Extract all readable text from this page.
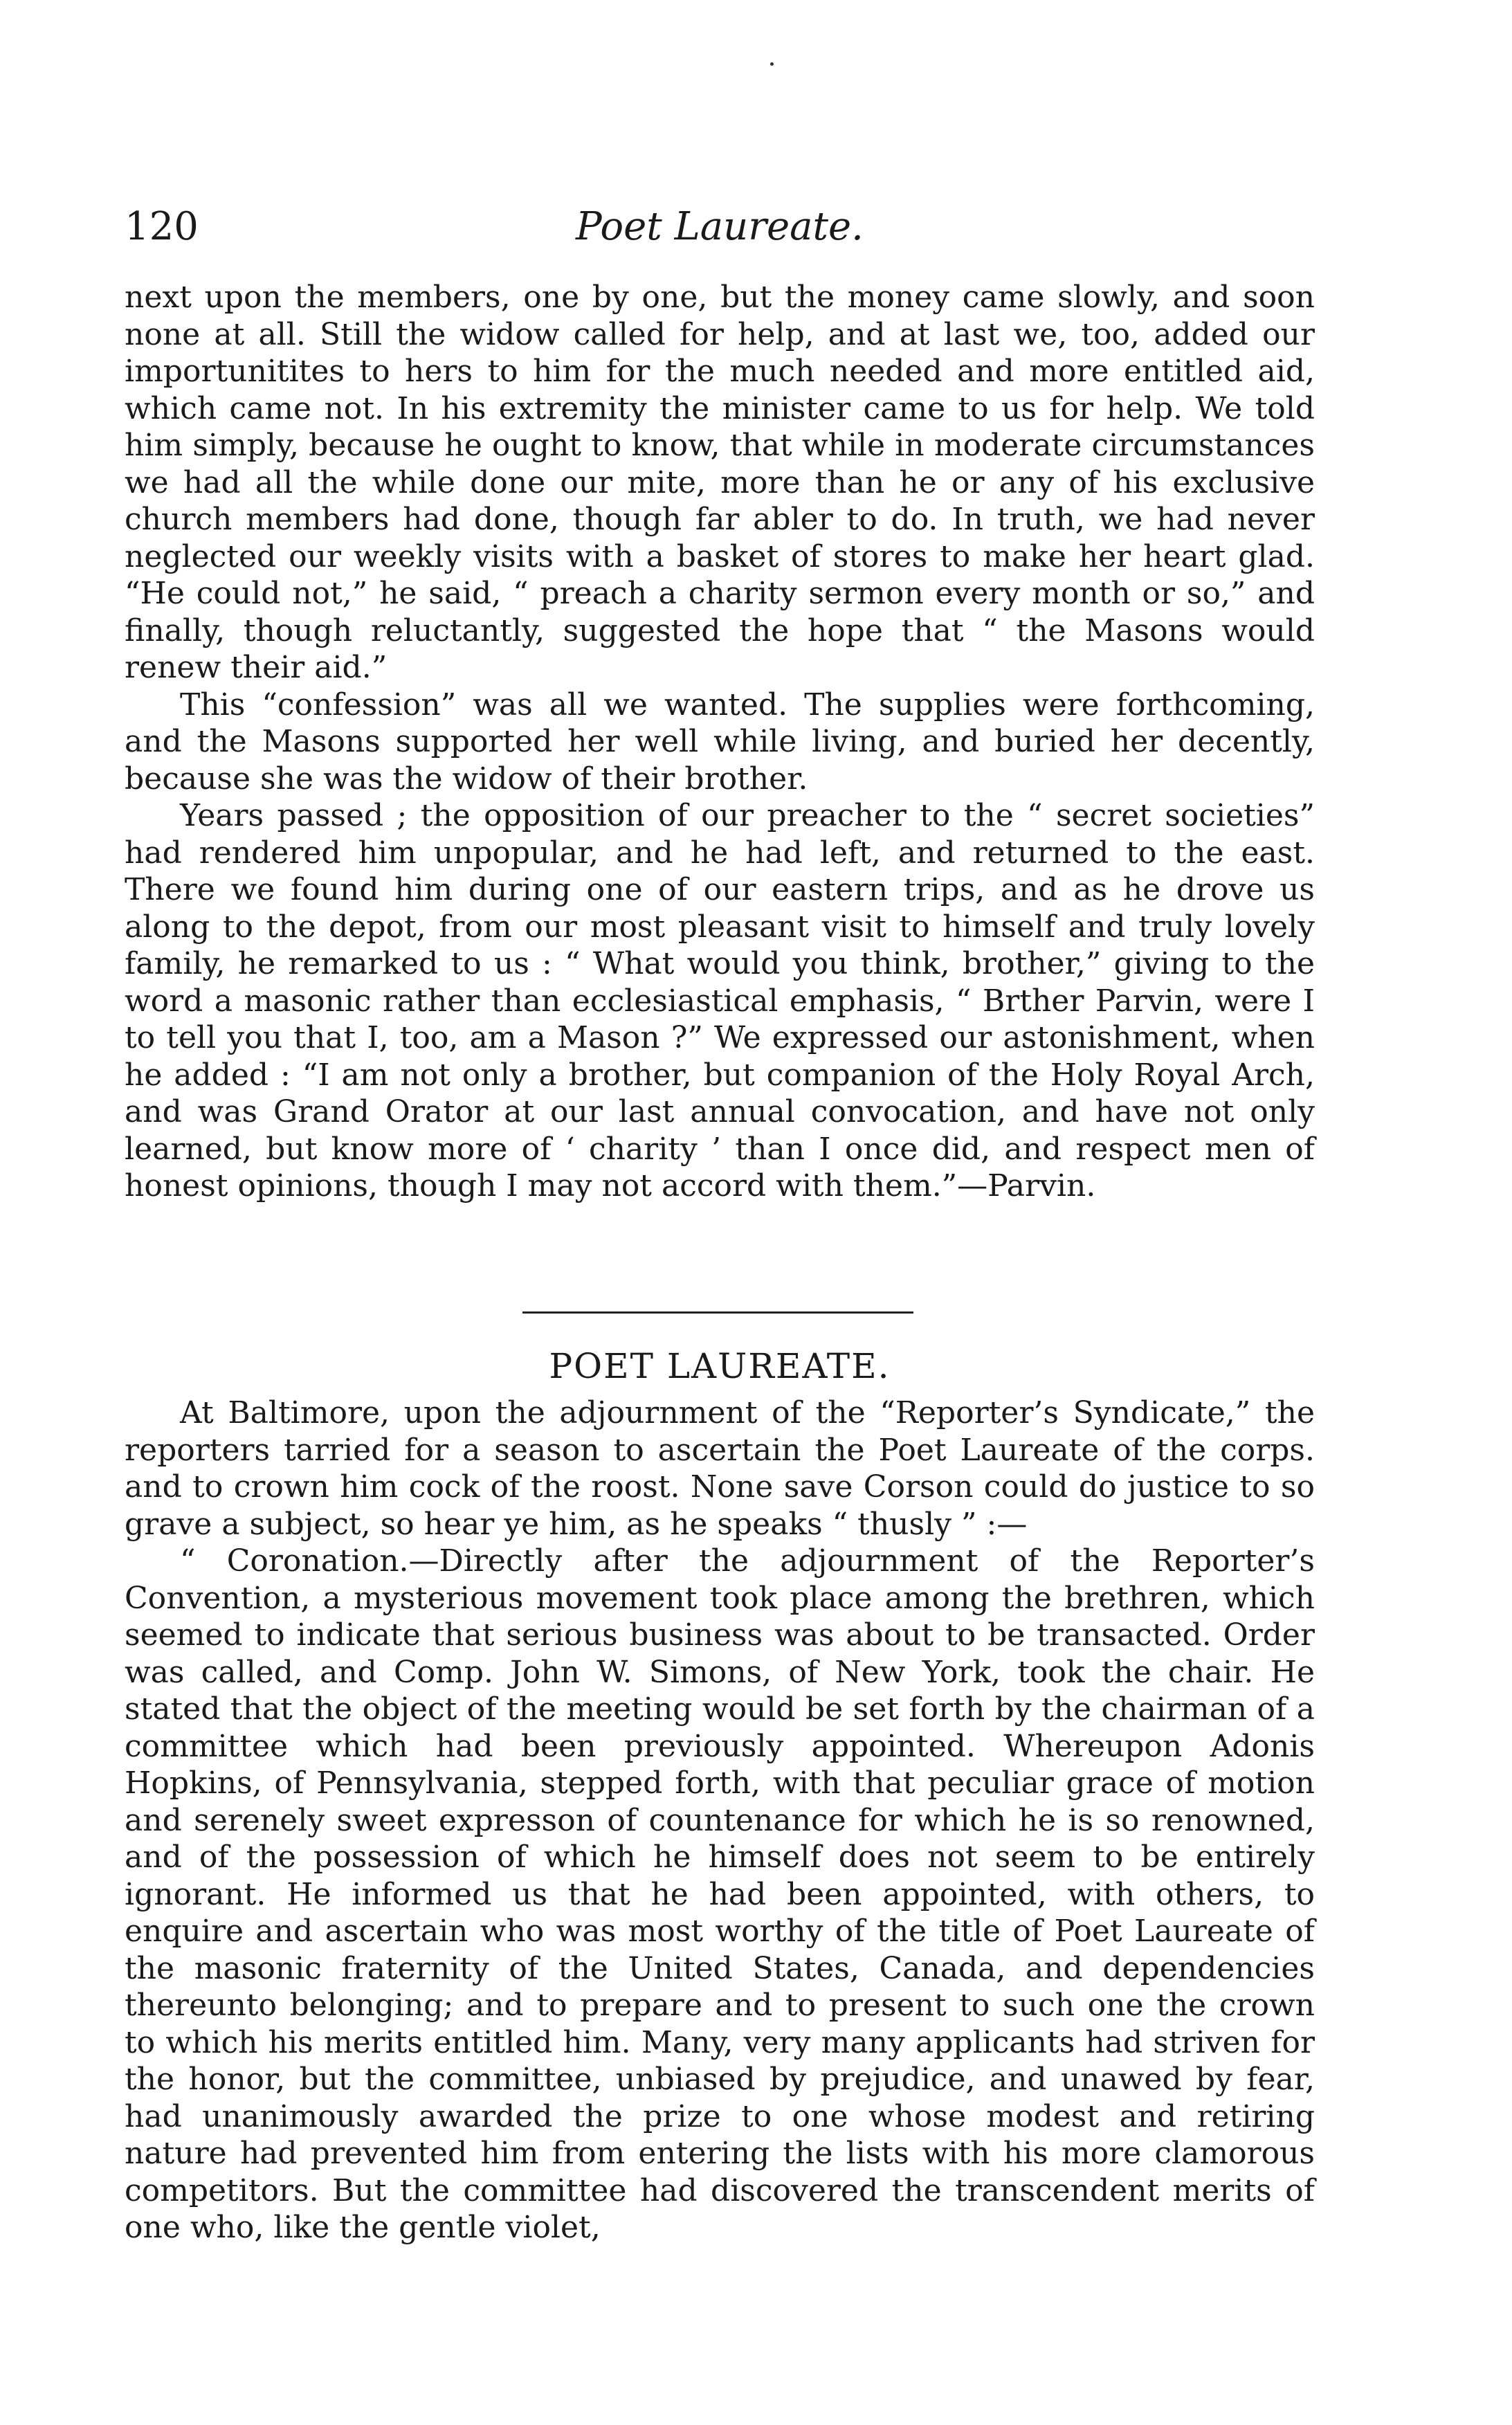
120	Poet Laureate.

next upon the members, one by one, but the money came slowly, and soon none at all. Still the widow called for help, and at last we, too, added our importunitites to hers to him for the much needed and more entitled aid, which came not. In his extremity the minister came to us for help. We told him simply, because he ought to know, that while in moderate circumstances we had all the while done our mite, more than he or any of his exclusive church members had done, though far abler to do. In truth, we had never neglected our weekly visits with a basket of stores to make her heart glad. “He could not,” he said, “ preach a charity sermon every month or so,” and finally, though reluctantly, suggested the hope that “ the Masons would renew their aid.”

This “confession” was all we wanted. The supplies were forthcoming, and the Masons supported her well while living, and buried her decently, because she was the widow of their brother.

Years passed ; the opposition of our preacher to the “ secret societies” had rendered him unpopular, and he had left, and returned to the east. There we found him during one of our eastern trips, and as he drove us along to the depot, from our most pleasant visit to himself and truly lovely family, he remarked to us : “ What would you think, brother,” giving to the word a masonic rather than ecclesiastical emphasis, “ Brther Parvin, were I to tell you that I, too, am a Mason ?” We expressed our astonishment, when he added : “I am not only a brother, but companion of the Holy Royal Arch, and was Grand Orator at our last annual convocation, and have not only learned, but know more of ‘ charity ’ than I once did, and respect men of honest opinions, though I may not accord with them.”—Parvin.

POET LAUREATE.

At Baltimore, upon the adjournment of the “Reporter’s Syndicate,” the reporters tarried for a season to ascertain the Poet Laureate of the corps. and to crown him cock of the roost. None save Corson could do justice to so grave a subject, so hear ye him, as he speaks “ thusly ” :—

“ Coronation.—Directly after the adjournment of the Reporter’s Convention, a mysterious movement took place among the brethren, which seemed to indicate that serious business was about to be transacted. Order was called, and Comp. John W. Simons, of New York, took the chair. He stated that the object of the meeting would be set forth by the chairman of a committee which had been previously appointed. Whereupon Adonis Hopkins, of Pennsylvania, stepped forth, with that peculiar grace of motion and serenely sweet expresson of countenance for which he is so renowned, and of the possession of which he himself does not seem to be entirely ignorant. He informed us that he had been appointed, with others, to enquire and ascertain who was most worthy of the title of Poet Laureate of the masonic fraternity of the United States, Canada, and dependencies thereunto belonging; and to prepare and to present to such one the crown to which his merits entitled him. Many, very many applicants had striven for the honor, but the committee, unbiased by prejudice, and unawed by fear, had unanimously awarded the prize to one whose modest and retiring nature had prevented him from entering the lists with his more clamorous competitors. But the committee had discovered the transcendent merits of one who, like the gentle violet,
